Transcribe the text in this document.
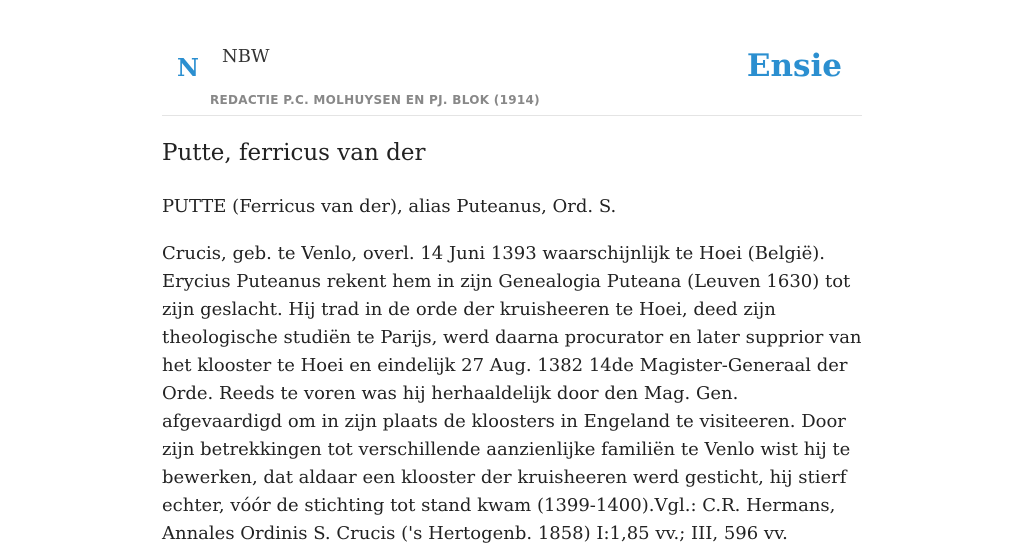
N NBW
REDACTIE P.C. MOLHUYSEN EN PJ. BLOK (1914)
Ensie
Putte, ferricus van der

PUTTE (Ferricus van der), alias Puteanus, Ord. S.

Crucis, geb. te Venlo, overl. 14 Juni 1393 waarschijnlijk te Hoei (België). Erycius Puteanus rekent hem in zijn Genealogia Puteana (Leuven 1630) tot zijn geslacht. Hij trad in de orde der kruisheeren te Hoei, deed zijn theologische studiën te Parijs, werd daarna procurator en later supprior van het klooster te Hoei en eindelijk 27 Aug. 1382 14de Magister-Generaal der Orde. Reeds te voren was hij herhaaldelijk door den Mag. Gen. afgevaardigd om in zijn plaats de kloosters in Engeland te visiteeren. Door zijn betrekkingen tot verschillende aanzienlijke familiën te Venlo wist hij te bewerken, dat aldaar een klooster der kruisheeren werd gesticht, hij stierf echter, vóór de stichting tot stand kwam (1399-1400).Vgl.: C.R. Hermans, Annales Ordinis S. Crucis ('s Hertogenb. 1858) I:1,85 vv.; III, 596 vv.
